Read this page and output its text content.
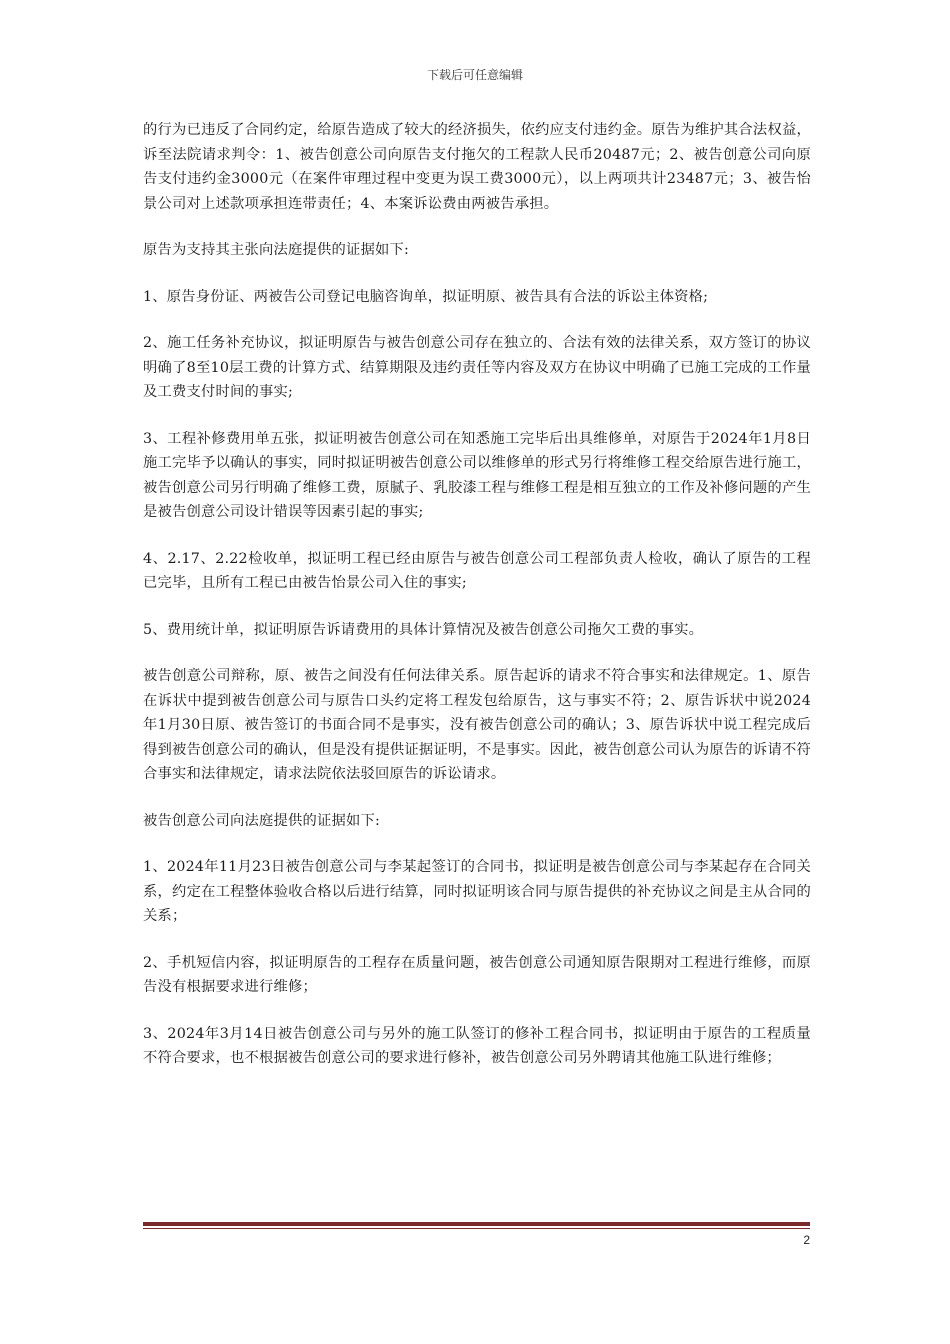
下载后可任意编辑

的行为已违反了合同约定，给原告造成了较大的经济损失，依约应支付违约金。原告为维护其合法权益，诉至法院请求判令：1、被告创意公司向原告支付拖欠的工程款人民币20487元；2、被告创意公司向原告支付违约金3000元（在案件审理过程中变更为误工费3000元），以上两项共计23487元；3、被告怡景公司对上述款项承担连带责任；4、本案诉讼费由两被告承担。

原告为支持其主张向法庭提供的证据如下:

1、原告身份证、两被告公司登记电脑咨询单，拟证明原、被告具有合法的诉讼主体资格;

2、施工任务补充协议，拟证明原告与被告创意公司存在独立的、合法有效的法律关系，双方签订的协议明确了8至10层工费的计算方式、结算期限及违约责任等内容及双方在协议中明确了已施工完成的工作量及工费支付时间的事实;

3、工程补修费用单五张，拟证明被告创意公司在知悉施工完毕后出具维修单，对原告于2024年1月8日施工完毕予以确认的事实，同时拟证明被告创意公司以维修单的形式另行将维修工程交给原告进行施工，被告创意公司另行明确了维修工费，原腻子、乳胶漆工程与维修工程是相互独立的工作及补修问题的产生是被告创意公司设计错误等因素引起的事实;

4、2.17、2.22检收单，拟证明工程已经由原告与被告创意公司工程部负责人检收，确认了原告的工程已完毕，且所有工程已由被告怡景公司入住的事实;

5、费用统计单，拟证明原告诉请费用的具体计算情况及被告创意公司拖欠工费的事实。

被告创意公司辩称，原、被告之间没有任何法律关系。原告起诉的请求不符合事实和法律规定。1、原告在诉状中提到被告创意公司与原告口头约定将工程发包给原告，这与事实不符；2、原告诉状中说2024年1月30日原、被告签订的书面合同不是事实，没有被告创意公司的确认；3、原告诉状中说工程完成后得到被告创意公司的确认，但是没有提供证据证明，不是事实。因此，被告创意公司认为原告的诉请不符合事实和法律规定，请求法院依法驳回原告的诉讼请求。

被告创意公司向法庭提供的证据如下:

1、2024年11月23日被告创意公司与李某起签订的合同书，拟证明是被告创意公司与李某起存在合同关系，约定在工程整体验收合格以后进行结算，同时拟证明该合同与原告提供的补充协议之间是主从合同的关系；

2、手机短信内容，拟证明原告的工程存在质量问题，被告创意公司通知原告限期对工程进行维修，而原告没有根据要求进行维修；

3、2024年3月14日被告创意公司与另外的施工队签订的修补工程合同书，拟证明由于原告的工程质量不符合要求，也不根据被告创意公司的要求进行修补，被告创意公司另外聘请其他施工队进行维修；

2
